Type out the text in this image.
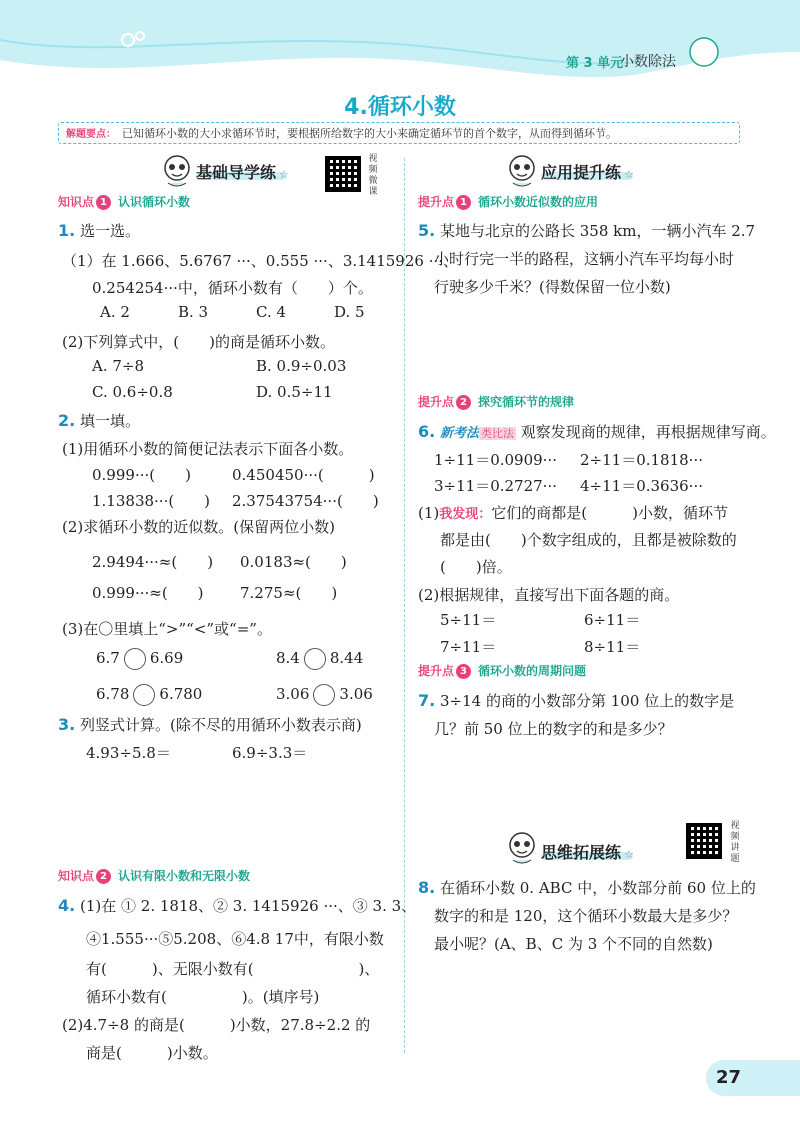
第 3 单元
小数除法
4.循环小数
解题要点： 已知循环小数的大小求循环节时，要根据所给数字的大小来确定循环节的首个数字，从而得到循环节。
基础导学练 ☆
视频微课
知识点 1 认识循环小数
1 . 选一选。
（1）在 1.666、5.6767 ···、0.555 ···、3.1415926 ···、
0.254254···中，循环小数有（　　）个。
A. 2	B. 3	C. 4	D. 5
(2)下列算式中，(　　)的商是循环小数。
A. 7÷8	B. 0.9÷0.03
C. 0.6÷0.8	D. 0.5÷11
2 . 填一填。
(1)用循环小数的简便记法表示下面各小数。
0.999···(　　)	0.450450···(　　　)
1.13838···(　　) 2.37543754···(　　)
(2)求循环小数的近似数。(保留两位小数)
2.9494···≈(　　) 0.0183≈(　　)
0.999···≈(　　) 7.275≈(　　)
(3)在〇里填上“>”“<”或“=”。
6.7 6.69	8.4 8.44
6.78 6.780	3.06 3.06
3 . 列竖式计算。(除不尽的用循环小数表示商)
4.93÷5.8＝	6.9÷3.3＝
知识点 2 认识有限小数和无限小数
4 . (1)在 ① 2. 1818、② 3. 1415926 ···、③ 3. 3、
④1.555···⑤5.208、⑥4.8 17中，有限小数
有(　　　)、无限小数有(　　　　　　　)、
循环小数有(　　　　　)。(填序号)
(2)4.7÷8 的商是(　　　)小数，27.8÷2.2 的
商是(　　　)小数。
应用提升练 ☆
提升点 1 循环小数近似数的应用
5 . 某地与北京的公路长 358 km，一辆小汽车 2.7
小时行完一半的路程，这辆小汽车平均每小时
行驶多少千米？(得数保留一位小数)
提升点 2 探究循环节的规律
6 . 新考法 类比法 观察发现商的规律，再根据规律写商。
1÷11＝0.0909··· 2÷11＝0.1818···
3÷11＝0.2727··· 4÷11＝0.3636···
(1)我发现：它们的商都是(　　　)小数，循环节
都是由(　　)个数字组成的，且都是被除数的
(　　)倍。
(2)根据规律，直接写出下面各题的商。
5÷11＝	6÷11＝
7÷11＝	8÷11＝
提升点 3 循环小数的周期问题
7 . 3÷14 的商的小数部分第 100 位上的数字是
几？前 50 位上的数字的和是多少？
思维拓展练 ☆
视频讲题
8 . 在循环小数 0. ABC 中，小数部分前 60 位上的
数字的和是 120，这个循环小数最大是多少？
最小呢？(A、B、C 为 3 个不同的自然数)
27
